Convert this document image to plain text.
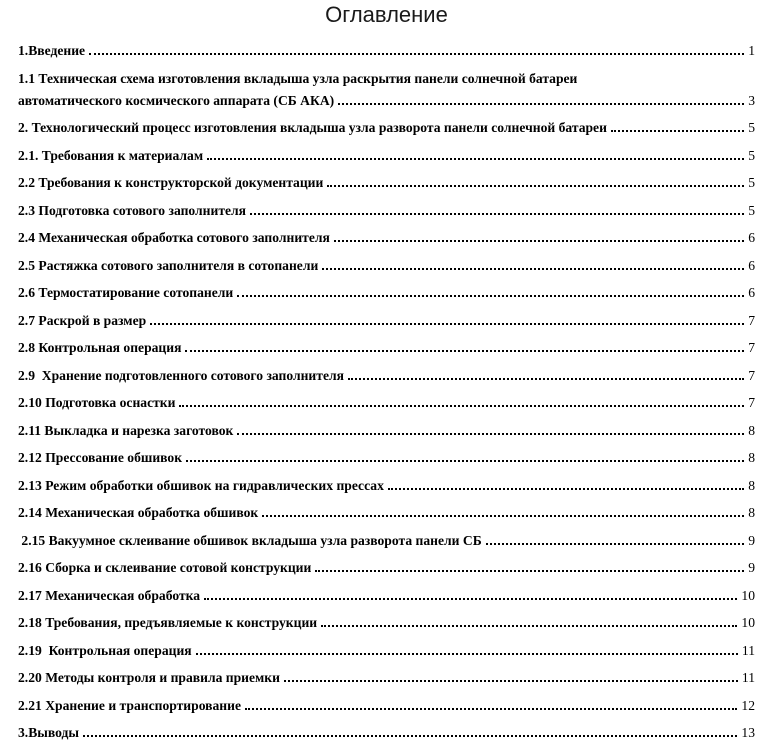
Оглавление
1.Введение	1
1.1 Техническая схема изготовления вкладыша узла раскрытия панели солнечной батареи
автоматического космического аппарата (СБ АКА)	3
2. Технологический процесс изготовления вкладыша узла разворота панели солнечной батареи	5
2.1. Требования к материалам	5
2.2 Требования к конструкторской документации	5
2.3 Подготовка сотового заполнителя	5
2.4 Механическая обработка сотового заполнителя	6
2.5 Растяжка сотового заполнителя в сотопанели	6
2.6 Термостатирование сотопанели	6
2.7 Раскрой в размер	7
2.8 Контрольная операция	7
2.9  Хранение подготовленного сотового заполнителя	7
2.10 Подготовка оснастки	7
2.11 Выкладка и нарезка заготовок	8
2.12 Прессование обшивок	8
2.13 Режим обработки обшивок на гидравлических прессах	8
2.14 Механическая обработка обшивок	8
2.15 Вакуумное склеивание обшивок вкладыша узла разворота панели СБ	9
2.16 Сборка и склеивание сотовой конструкции	9
2.17 Механическая обработка	10
2.18 Требования, предъявляемые к конструкции	10
2.19  Контрольная операция	11
2.20 Методы контроля и правила приемки	11
2.21 Хранение и транспортирование	12
3.Выводы	13
